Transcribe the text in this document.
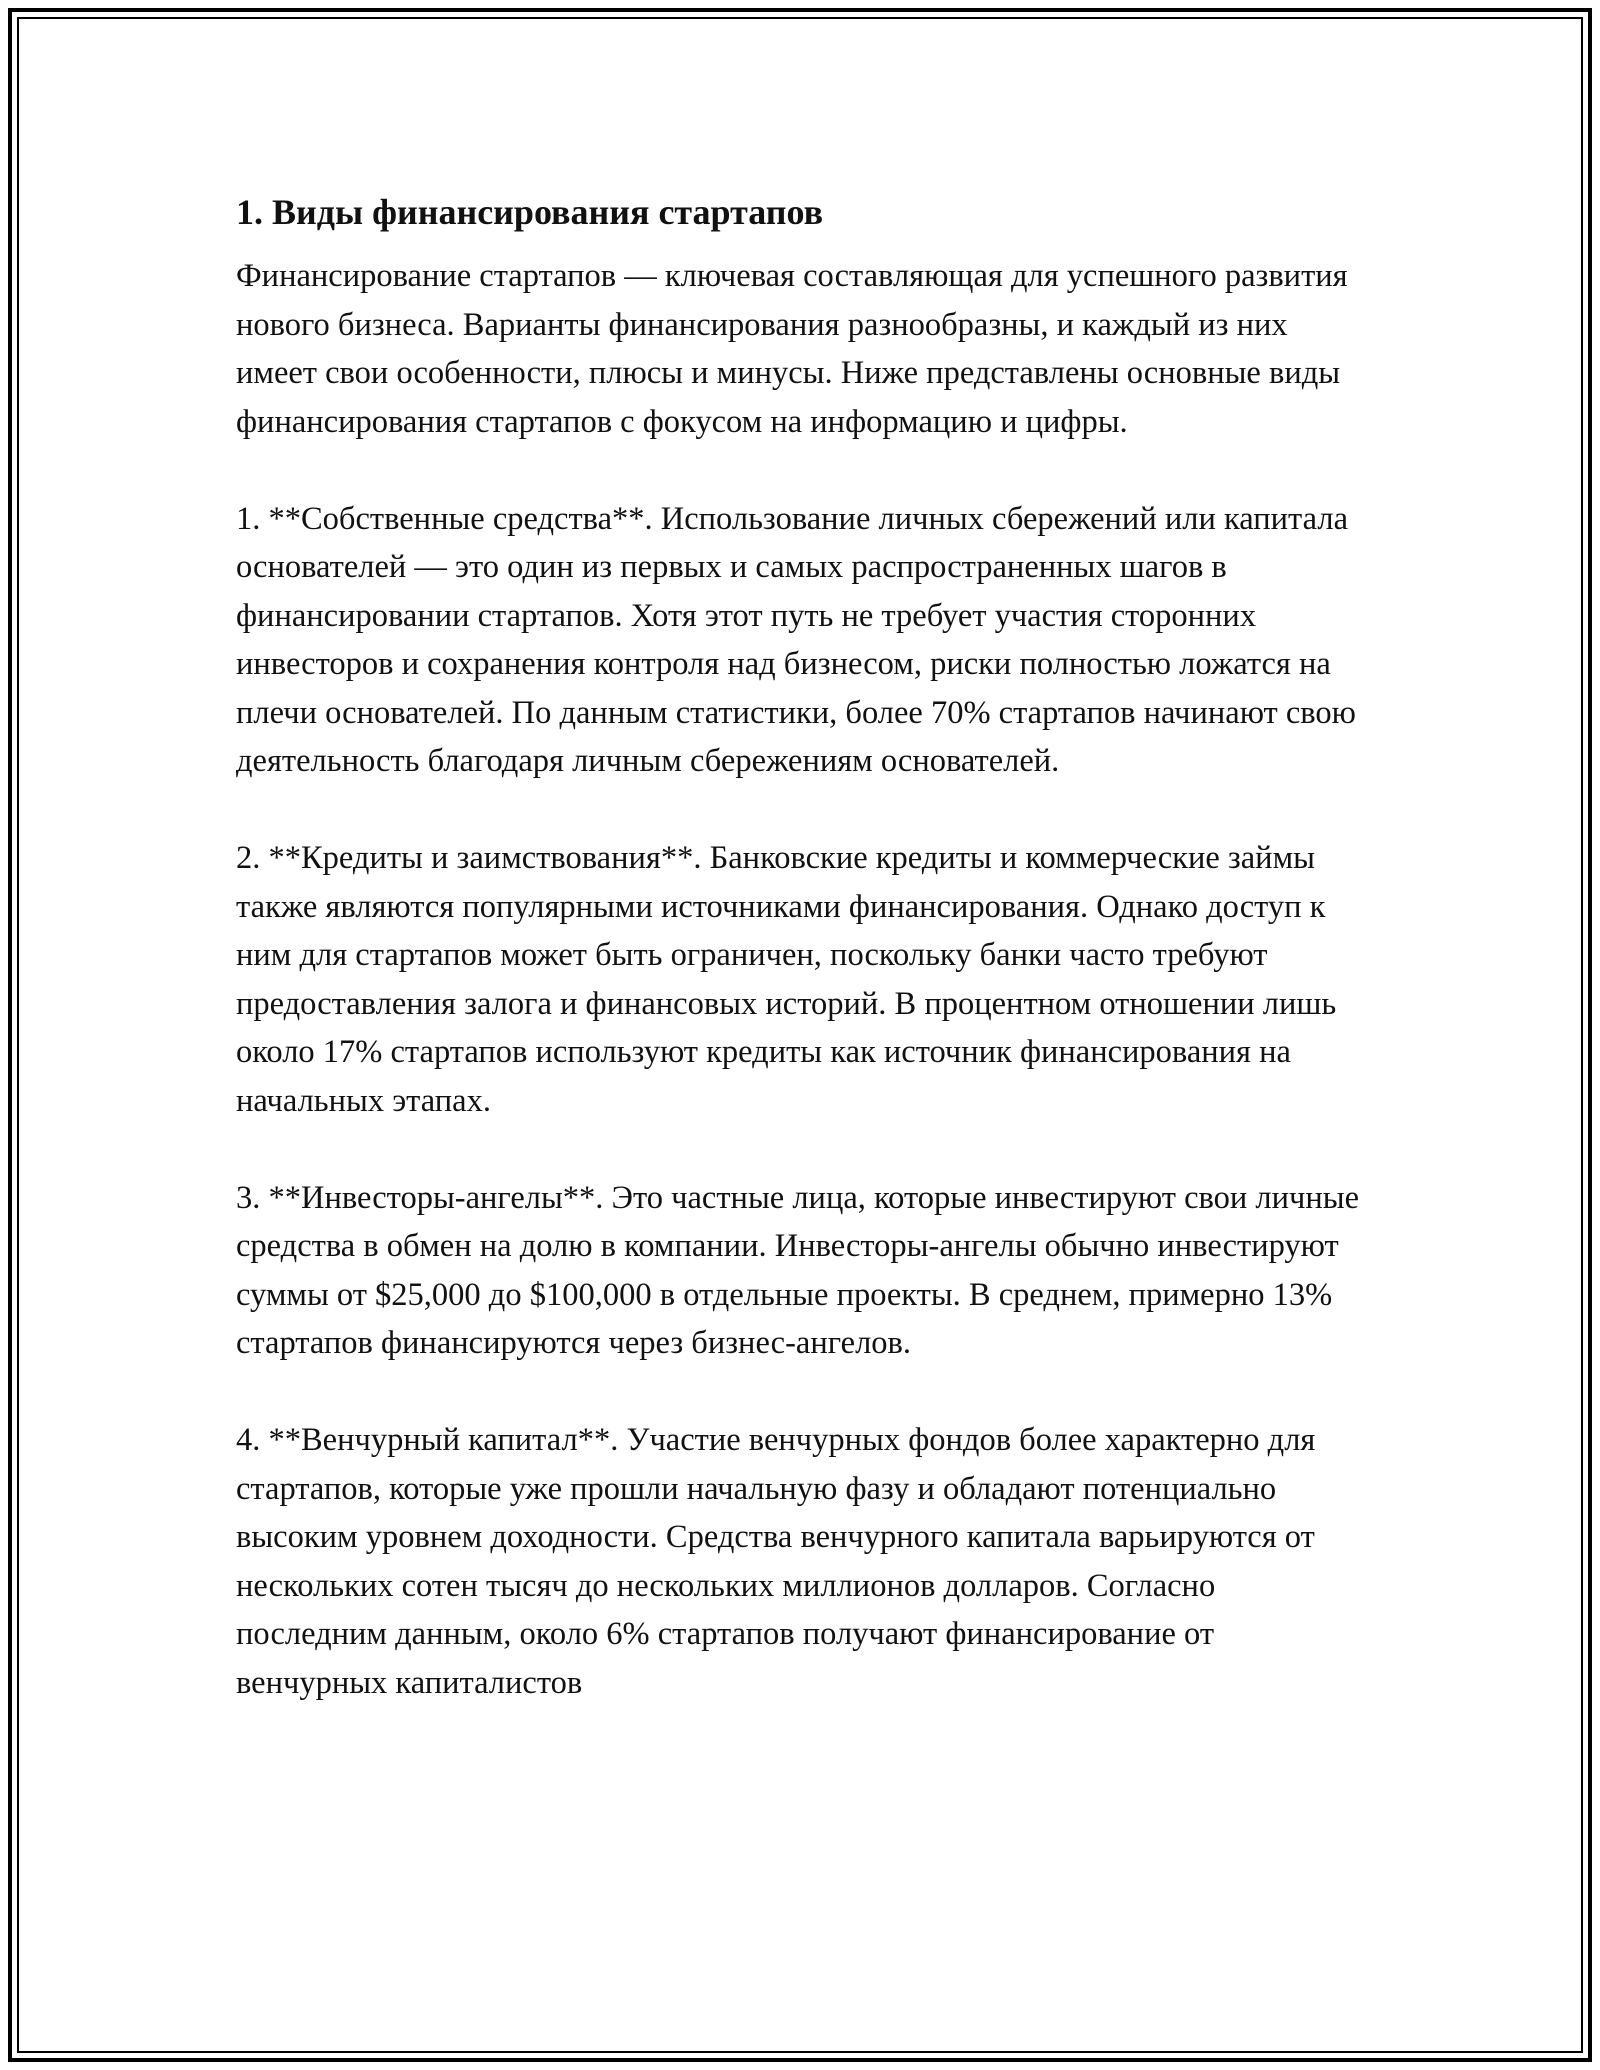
1. Виды финансирования стартапов
Финансирование стартапов — ключевая составляющая для успешного развития нового бизнеса. Варианты финансирования разнообразны, и каждый из них имеет свои особенности, плюсы и минусы. Ниже представлены основные виды финансирования стартапов с фокусом на информацию и цифры.
1. **Собственные средства**. Использование личных сбережений или капитала основателей — это один из первых и самых распространенных шагов в финансировании стартапов. Хотя этот путь не требует участия сторонних инвесторов и сохранения контроля над бизнесом, риски полностью ложатся на плечи основателей. По данным статистики, более 70% стартапов начинают свою деятельность благодаря личным сбережениям основателей.
2. **Кредиты и заимствования**. Банковские кредиты и коммерческие займы также являются популярными источниками финансирования. Однако доступ к ним для стартапов может быть ограничен, поскольку банки часто требуют предоставления залога и финансовых историй. В процентном отношении лишь около 17% стартапов используют кредиты как источник финансирования на начальных этапах.
3. **Инвесторы-ангелы**. Это частные лица, которые инвестируют свои личные средства в обмен на долю в компании. Инвесторы-ангелы обычно инвестируют суммы от $25,000 до $100,000 в отдельные проекты. В среднем, примерно 13% стартапов финансируются через бизнес-ангелов.
4. **Венчурный капитал**. Участие венчурных фондов более характерно для стартапов, которые уже прошли начальную фазу и обладают потенциально высоким уровнем доходности. Средства венчурного капитала варьируются от нескольких сотен тысяч до нескольких миллионов долларов. Согласно последним данным, около 6% стартапов получают финансирование от венчурных капиталистов
